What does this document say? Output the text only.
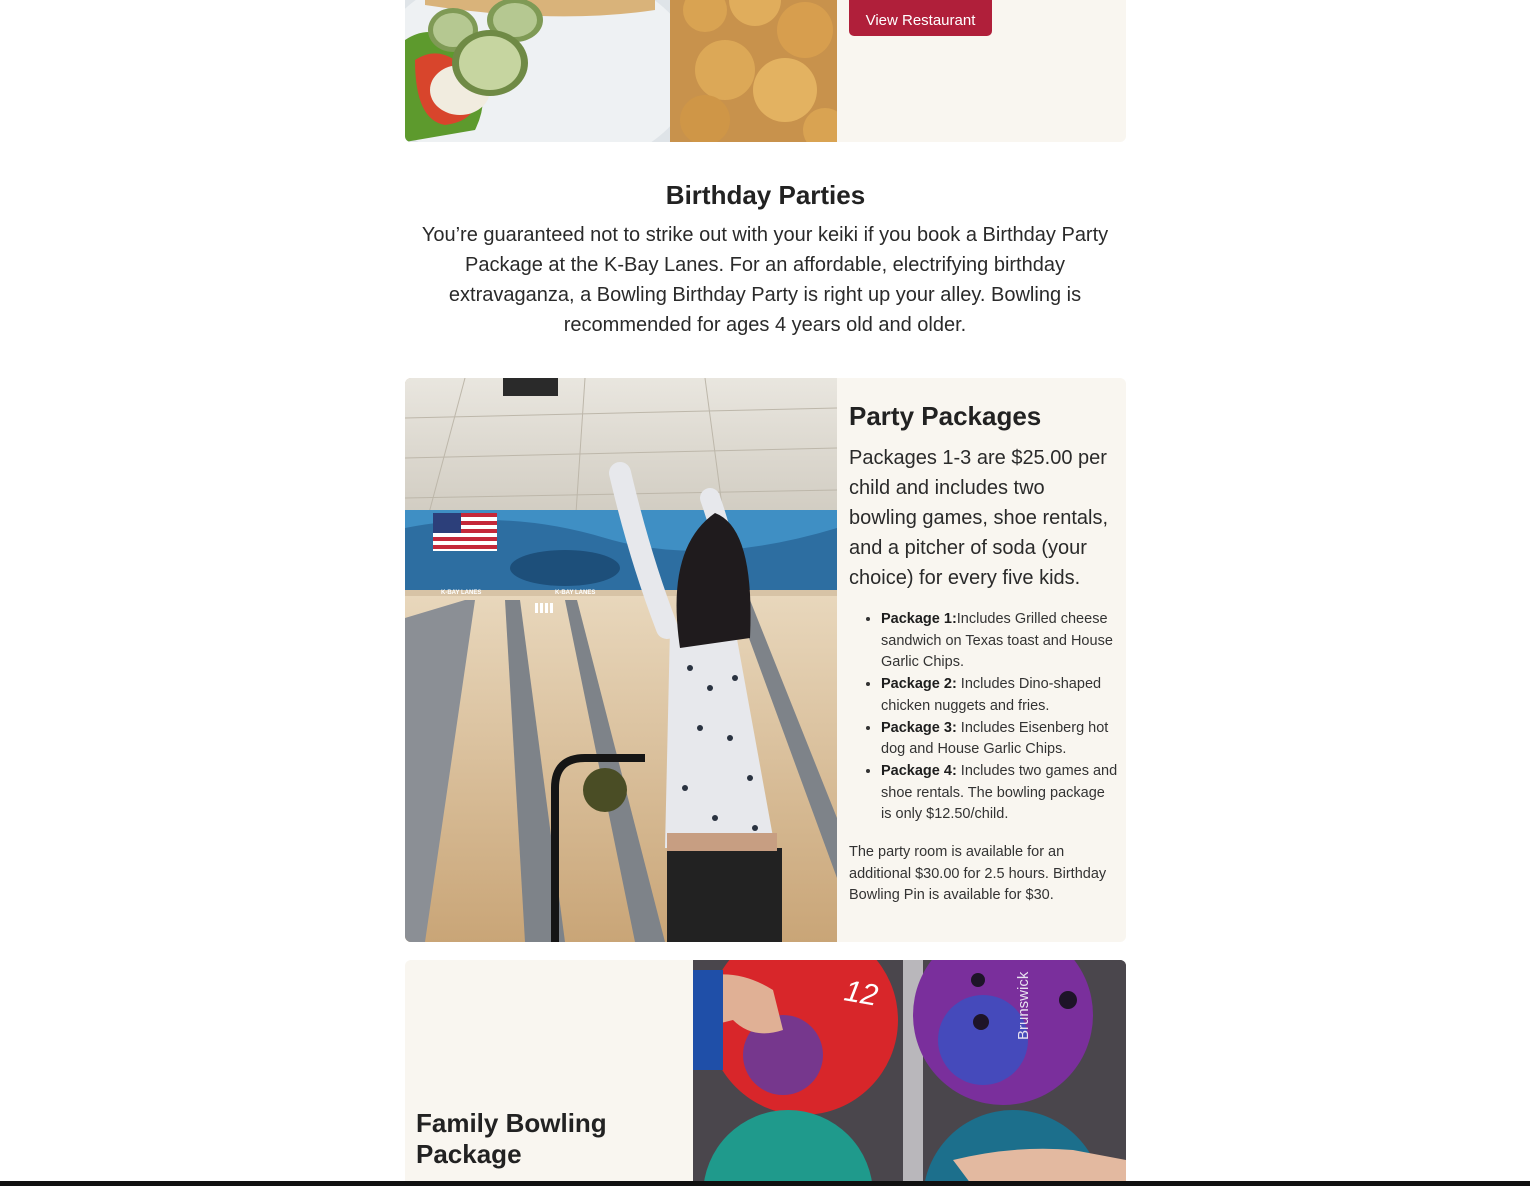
View Restaurant
Birthday Parties

You’re guaranteed not to strike out with your keiki if you book a Birthday Party Package at the K-Bay Lanes. For an affordable, electrifying birthday extravaganza, a Bowling Birthday Party is right up your alley. Bowling is recommended for ages 4 years old and older.

K-BAY LANES	K-BAY LANES
Party Packages

Packages 1-3 are $25.00 per child and includes two bowling games, shoe rentals, and a pitcher of soda (your choice) for every five kids.

• Package 1:Includes Grilled cheese sandwich on Texas toast and House Garlic Chips.
• Package 2: Includes Dino-shaped chicken nuggets and fries.
• Package 3: Includes Eisenberg hot dog and House Garlic Chips.
• Package 4: Includes two games and shoe rentals. The bowling package is only $12.50/child.

The party room is available for an additional $30.00 for 2.5 hours. Birthday Bowling Pin is available for $30.

Family Bowling Package
12	Brunswick
